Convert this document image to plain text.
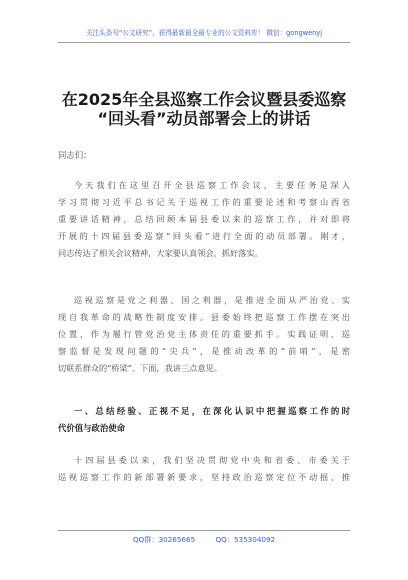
关注头条号“公文研究”，获得最新最全最专业的公文资料库！ 微信：gongwenyj
在2025年全县巡察工作会议暨县委巡察
“回头看”动员部署会上的讲话
同志们：
今天我们在这里召开全县巡察工作会议，主要任务是深入
学习贯彻习近平总书记关于巡视工作的重要论述和考察山西省
重要讲话精神，总结回顾本届县委以来的巡察工作，并对即将
开展的十四届县委巡察“回头看”进行全面的动员部署。刚才，
同志传达了相关会议精神，大家要认真领会，抓好落实。
巡视巡察是党之利器、国之利器，是推进全面从严治党、实
现自我革命的战略性制度安排。县委始终把巡察工作摆在突出
位置，作为履行管党治党主体责任的重要抓手。实践证明，巡
察监督是发现问题的“尖兵”，是推动改革的“前哨”，是密
切联系群众的“桥梁”。下面，我讲三点意见。
一、总结经验、正视不足，在深化认识中把握巡察工作的时
代价值与政治使命
十四届县委以来，我们坚决贯彻党中央和省委、市委关于
巡视巡察工作的新部署新要求，坚持政治巡察定位不动摇，推
QQ群：30265665	QQ：535304092
